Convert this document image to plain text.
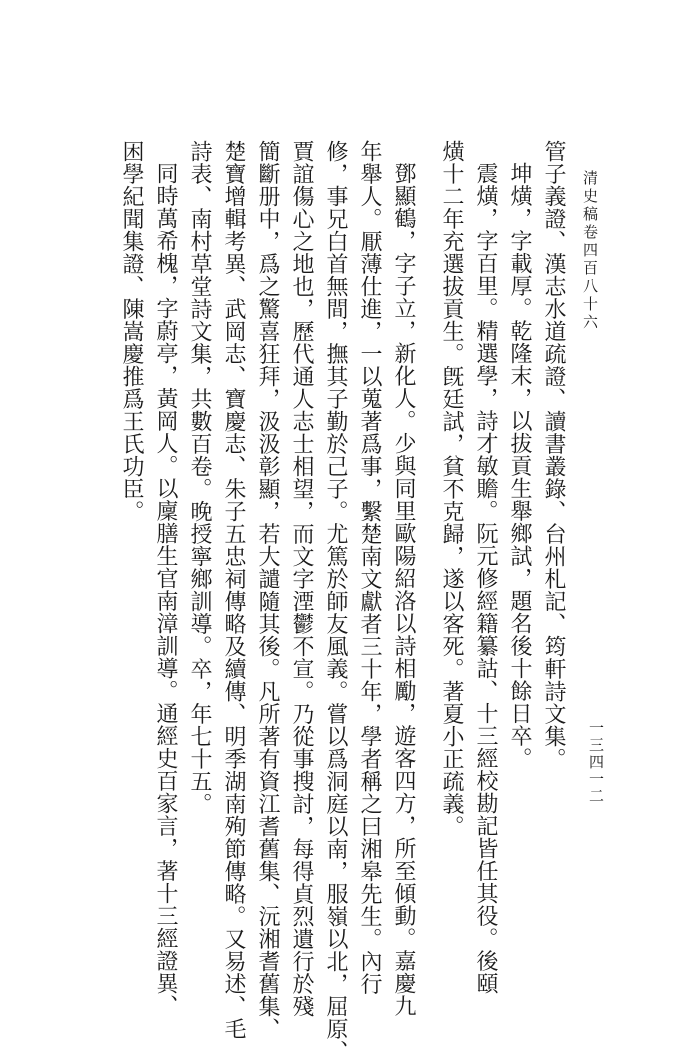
清史稿卷四百八十六
管子義證、漢志水道疏證、讀書叢錄、台州札記、筠軒詩文集。
坤熿，字載厚。乾隆末，以拔貢生舉鄉試，題名後十餘日卒。
震熿，字百里。精選學，詩才敏贍。阮元修經籍纂詁、十三經校勘記皆任其役。後頤
熿十二年充選拔貢生。旣廷試，貧不克歸，遂以客死。著夏小正疏義。
鄧顯鶴，字子立，新化人。少與同里歐陽紹洛以詩相勵，遊客四方，所至傾動。嘉慶九
年舉人。厭薄仕進，一以蒐著爲事，繫楚南文獻者三十年，學者稱之曰湘皋先生。內行
修，事兄白首無間，撫其子勤於己子。尤篤於師友風義。嘗以爲洞庭以南，服嶺以北，屈原、
賈誼傷心之地也，歷代通人志士相望，而文字湮鬱不宣。乃從事搜討，每得貞烈遺行於殘
簡斷册中，爲之驚喜狂拜，汲汲彰顯，若大譴隨其後。凡所著有資江耆舊集、沅湘耆舊集、
楚寶增輯考異、武岡志、寶慶志、朱子五忠祠傳略及續傳、明季湖南殉節傳略。又易述、毛
詩表、南村草堂詩文集，共數百卷。晚授寧鄉訓導。卒，年七十五。
同時萬希槐，字蔚亭，黃岡人。以廩膳生官南漳訓導。通經史百家言，著十三經證異、
困學紀聞集證、陳嵩慶推爲王氏功臣。
一三四一二
